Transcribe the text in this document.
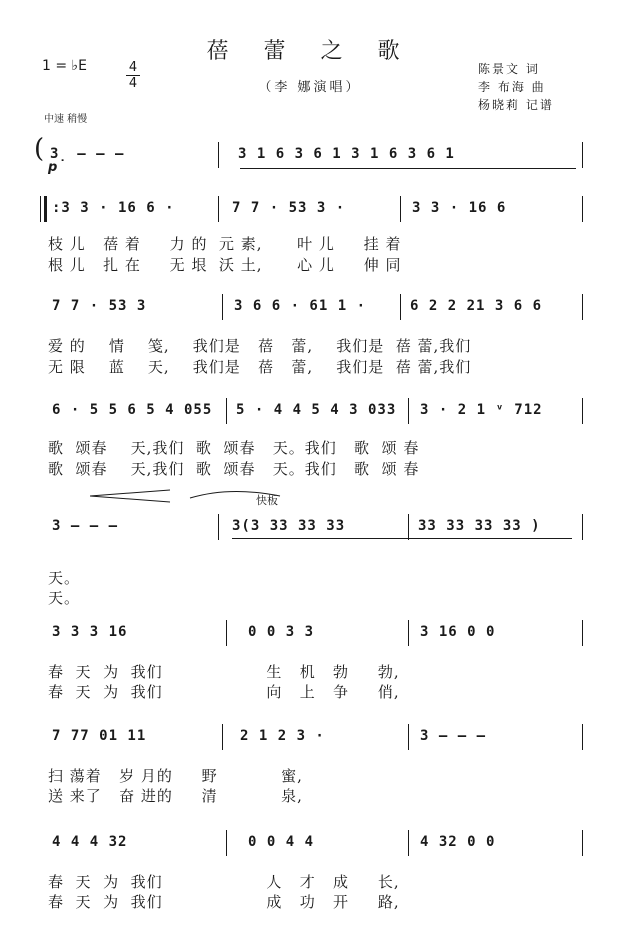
蓓 蕾 之 歌
（李 娜演唱）
1 = ♭E	4
4
陈景文 词
李 布海 曲
杨晓莉 记谱
中速 稍慢
(
p
3̣ — — —	3 1 6 3 6 1 3 1 6 3 6 1
:3 3 · 16 6 ·	7 7 · 53 3 ·	3 3 · 16 6
枝 儿   蓓 着     力 的  元 素,      叶 儿     挂 着
根 儿   扎 在     无 垠  沃 土,      心 儿     伸 同
7 7 · 53 3	3 6 6 · 61 1 ·	6 2 2 21 3 6 6
爱 的    情    笺,    我们是   蓓   蕾,    我们是  蓓 蕾,我们
无 限    蓝    天,    我们是   蓓   蕾,    我们是  蓓 蕾,我们
6 · 5 5 6 5 4 055 5 · 4 4 5 4 3 033 3 · 2 1 ᵛ 712
歌  颂春    天,我们  歌  颂春   天。我们   歌  颂 春
歌  颂春    天,我们  歌  颂春   天。我们   歌  颂 春
快板
3 — — —	3(3 33 33 33	33 33 33 33 )
天。
天。
3 3 3 16	0 0 3 3	3 16 0 0
春  天  为  我们                  生   机   勃     勃,
春  天  为  我们                  向   上   争     俏,
7 77 01 11	2 1 2 3 ·	3 — — —
扫 蕩着   岁 月的     野           蜜,
送 来了   奋 进的     清           泉,
4 4 4 32	0 0 4 4	4 32 0 0
春  天  为  我们                  人   才   成     长,
春  天  为  我们                  成   功   开     路,
